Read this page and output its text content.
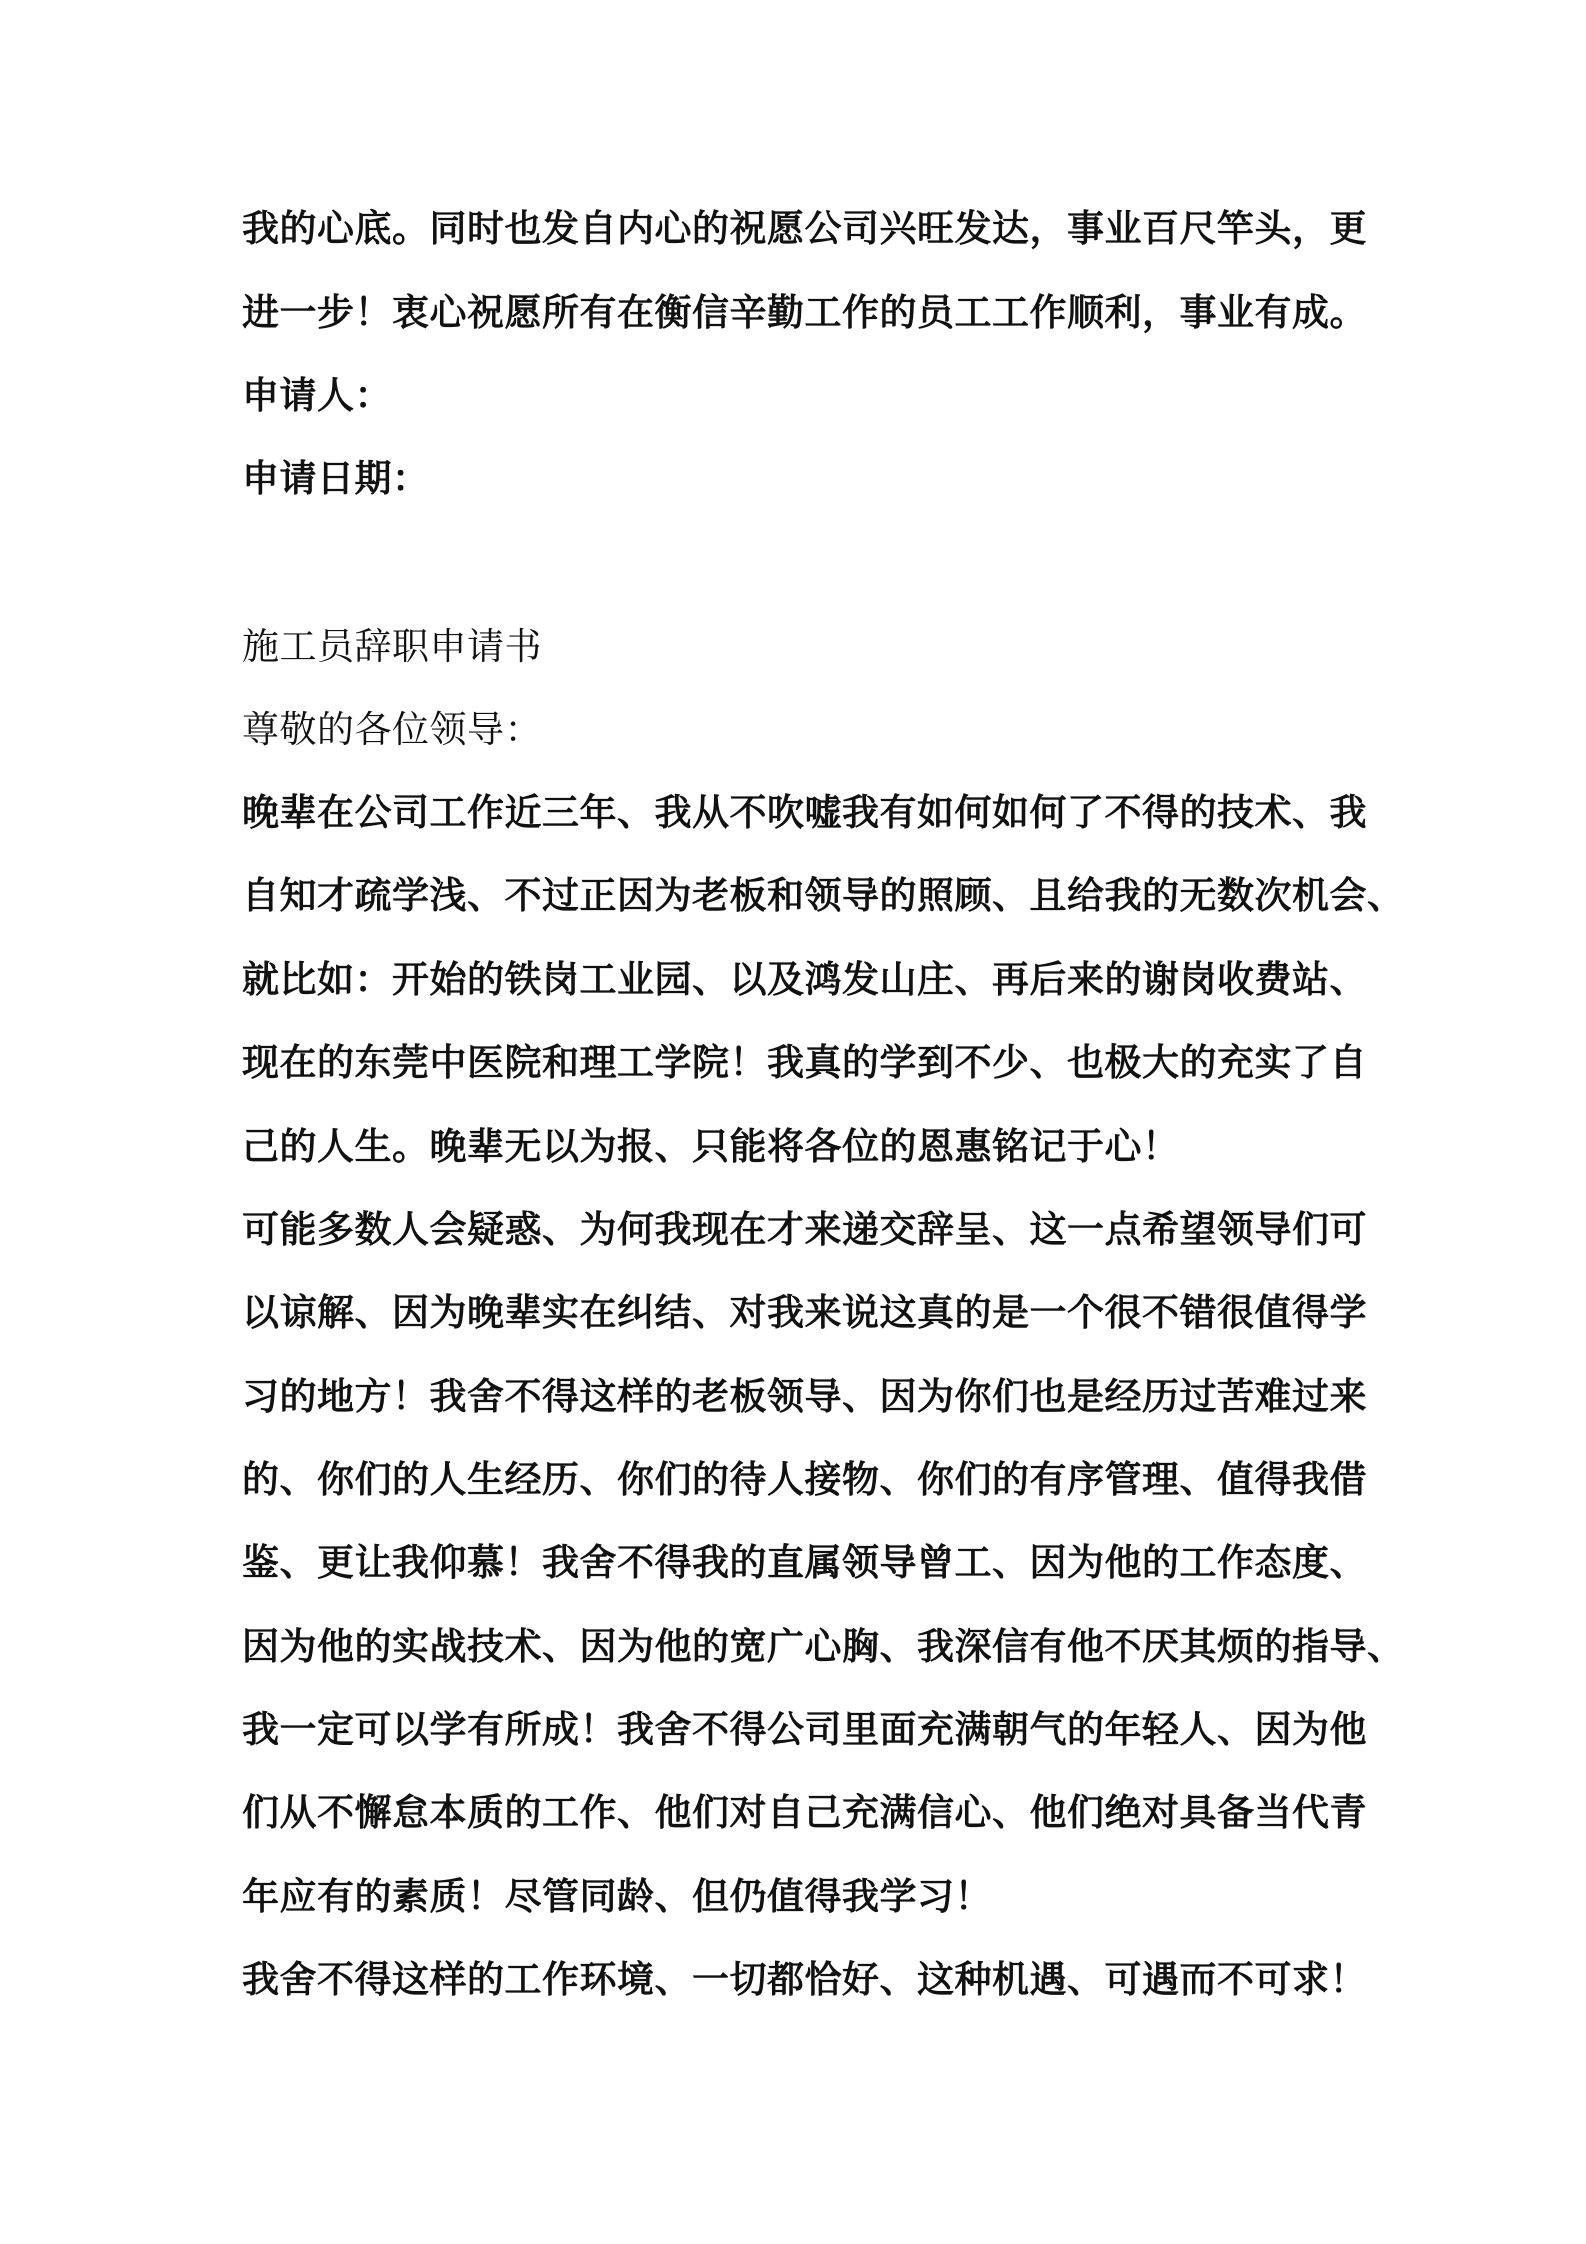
我的心底。同时也发自内心的祝愿公司兴旺发达，事业百尺竿头，更
进一步！衷心祝愿所有在衡信辛勤工作的员工工作顺利，事业有成。
申请人：
申请日期：
施工员辞职申请书
尊敬的各位领导：
晚辈在公司工作近三年、我从不吹嘘我有如何如何了不得的技术、我
自知才疏学浅、不过正因为老板和领导的照顾、且给我的无数次机会、
就比如：开始的铁岗工业园、以及鸿发山庄、再后来的谢岗收费站、
现在的东莞中医院和理工学院！我真的学到不少、也极大的充实了自
己的人生。晚辈无以为报、只能将各位的恩惠铭记于心！
可能多数人会疑惑、为何我现在才来递交辞呈、这一点希望领导们可
以谅解、因为晚辈实在纠结、对我来说这真的是一个很不错很值得学
习的地方！我舍不得这样的老板领导、因为你们也是经历过苦难过来
的、你们的人生经历、你们的待人接物、你们的有序管理、值得我借
鉴、更让我仰慕！我舍不得我的直属领导曾工、因为他的工作态度、
因为他的实战技术、因为他的宽广心胸、我深信有他不厌其烦的指导、
我一定可以学有所成！我舍不得公司里面充满朝气的年轻人、因为他
们从不懈怠本质的工作、他们对自己充满信心、他们绝对具备当代青
年应有的素质！尽管同龄、但仍值得我学习！
我舍不得这样的工作环境、一切都恰好、这种机遇、可遇而不可求！
